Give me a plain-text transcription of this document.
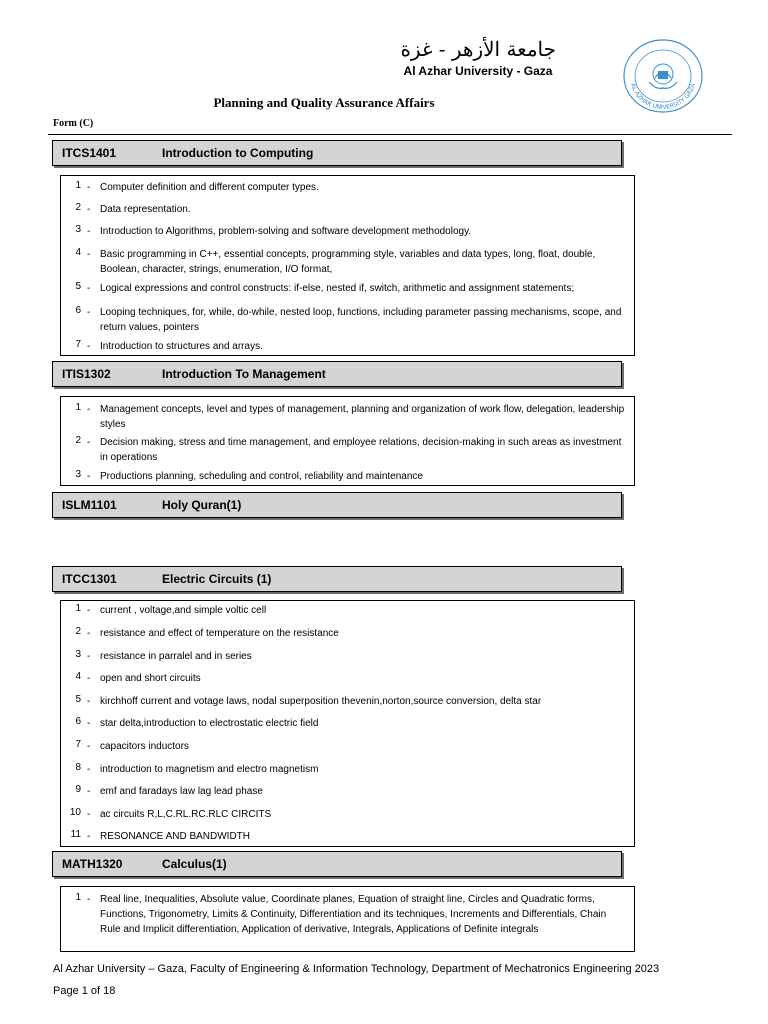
جامعة الأزهر - غزة
Al Azhar University - Gaza
AL AZHAR UNIVERSITY GAZA
Planning and Quality Assurance Affairs
Form (C)
ITCS1401	Introduction to Computing
1 - Computer definition and different computer types.
2 - Data representation.
3 - Introduction to Algorithms, problem-solving and software development methodology.
4 - Basic programming in C++, essential concepts, programming style, variables and data types, long, float, double, Boolean, character, strings, enumeration, I/O format,
5 - Logical expressions and control constructs: if-else, nested if, switch, arithmetic and assignment statements;
6 - Looping techniques, for, while, do-while, nested loop, functions, including parameter passing mechanisms, scope, and return values, pointers
7 - Introduction to structures and arrays.
ITIS1302	Introduction To Management
1 - Management concepts, level and types of management, planning and organization of work flow, delegation, leadership styles
2 - Decision making, stress and time management, and employee relations, decision-making in such areas as investment in operations
3 - Productions planning, scheduling and control, reliability and maintenance
ISLM1101	Holy Quran(1)
ITCC1301	Electric Circuits (1)
1 - current , voltage,and simple voltic cell
2 - resistance and effect of temperature on the resistance
3 - resistance in parralel and in series
4 - open and short circuits
5 - kirchhoff current and votage laws, nodal superposition thevenin,norton,source conversion, delta star
6 - star delta,introduction to electrostatic electric field
7 - capacitors inductors
8 - introduction to magnetism and electro magnetism
9 - emf and faradays law lag lead phase
10 - ac circuits R,L,C.RL.RC.RLC CIRCITS
11 - RESONANCE AND BANDWIDTH
MATH1320	Calculus(1)
1 - Real line, Inequalities, Absolute value, Coordinate planes, Equation of straight line, Circles and Quadratic forms, Functions, Trigonometry, Limits & Continuity, Differentiation and its techniques, Increments and Differentials, Chain Rule and Implicit differentiation, Application of derivative, Integrals, Applications of Definite integrals
Al Azhar University – Gaza, Faculty of Engineering & Information Technology, Department of Mechatronics Engineering 2023
Page 1 of 18
